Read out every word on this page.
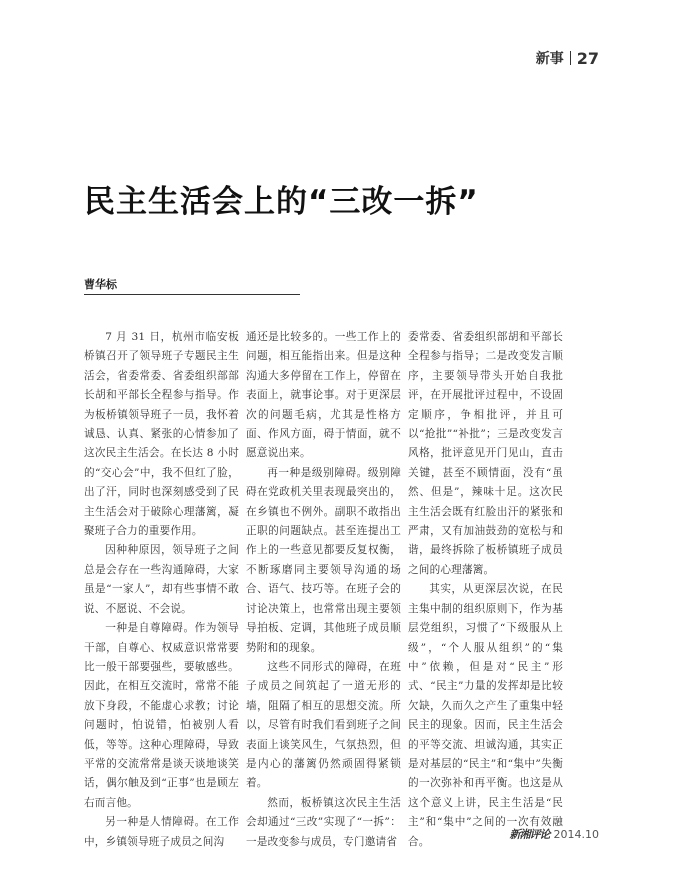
新事 27
民主生活会上的“三改一拆”
曹华标

7 月 31 日，杭州市临安板桥镇召开了领导班子专题民主生活会，省委常委、省委组织部部长胡和平部长全程参与指导。作为板桥镇领导班子一员，我怀着诚恳、认真、紧张的心情参加了这次民主生活会。在长达 8 小时的“交心会”中，我不但红了脸，出了汗，同时也深刻感受到了民主生活会对于破除心理藩篱，凝聚班子合力的重要作用。

因种种原因，领导班子之间总是会存在一些沟通障碍，大家虽是“一家人”，却有些事情不敢说、不愿说、不会说。

一种是自尊障碍。作为领导干部，自尊心、权威意识常常要比一般干部要强些，要敏感些。因此，在相互交流时，常常不能放下身段，不能虚心求教；讨论问题时，怕说错，怕被别人看低，等等。这种心理障碍，导致平常的交流常常是谈天谈地谈笑话，偶尔触及到“正事”也是顾左右而言他。

另一种是人情障碍。在工作中，乡镇领导班子成员之间沟

通还是比较多的。一些工作上的问题，相互能指出来。但是这种沟通大多停留在工作上，停留在表面上，就事论事。对于更深层次的问题毛病，尤其是性格方面、作风方面，碍于情面，就不愿意说出来。

再一种是级别障碍。级别障碍在党政机关里表现最突出的，在乡镇也不例外。副职不敢指出正职的问题缺点。甚至连提出工作上的一些意见都要反复权衡，不断琢磨同主要领导沟通的场合、语气、技巧等。在班子会的讨论决策上，也常常出现主要领导拍板、定调，其他班子成员顺势附和的现象。

这些不同形式的障碍，在班子成员之间筑起了一道无形的墙，阻隔了相互的思想交流。所以，尽管有时我们看到班子之间表面上谈笑风生，气氛热烈，但是内心的藩篱仍然顽固得紧锁着。

然而，板桥镇这次民主生活会却通过“三改”实现了“一拆”：一是改变参与成员，专门邀请省

委常委、省委组织部胡和平部长全程参与指导；二是改变发言顺序，主要领导带头开始自我批评，在开展批评过程中，不设固定顺序，争相批评，并且可以“抢批”“补批”；三是改变发言风格，批评意见开门见山，直击关键，甚至不顾情面，没有“虽然、但是”，辣味十足。这次民主生活会既有红脸出汗的紧张和严肃，又有加油鼓劲的宽松与和谐，最终拆除了板桥镇班子成员之间的心理藩篱。

其实，从更深层次说，在民主集中制的组织原则下，作为基层党组织，习惯了“下级服从上级”，“个人服从组织”的“集中”依赖，但是对“民主”形式、“民主”力量的发挥却是比较欠缺，久而久之产生了重集中轻民主的现象。因而，民主生活会的平等交流、坦诚沟通，其实正是对基层的“民主”和“集中”失衡的一次弥补和再平衡。也这是从这个意义上讲，民主生活是“民主”和“集中”之间的一次有效融合。

新湘评论 2014.10
